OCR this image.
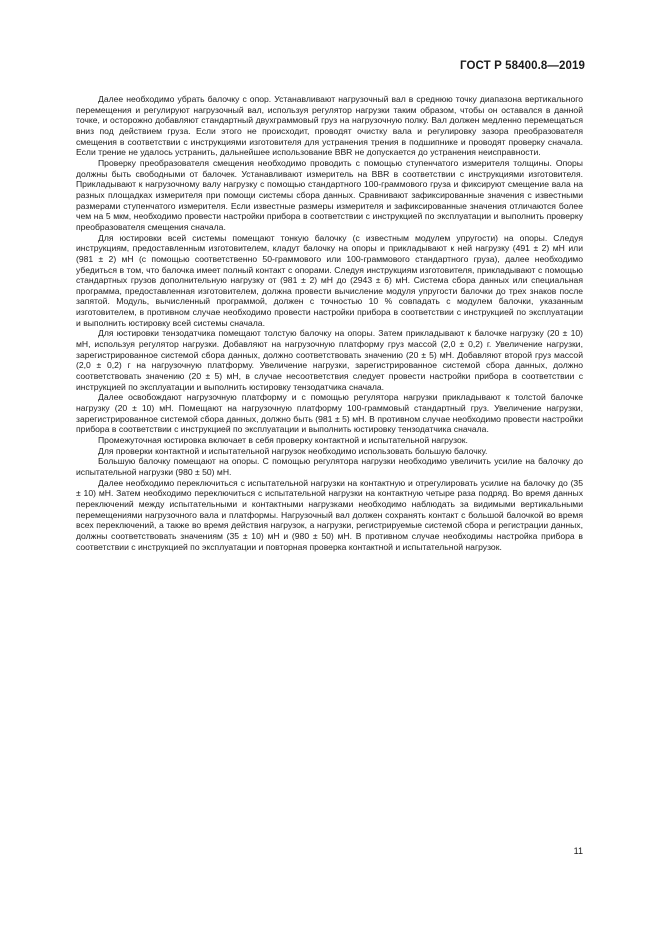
ГОСТ Р 58400.8—2019

Далее необходимо убрать балочку с опор. Устанавливают нагрузочный вал в среднюю точку диапазона вертикального перемещения и регулируют нагрузочный вал, используя регулятор нагрузки таким образом, чтобы он оставался в данной точке, и осторожно добавляют стандартный двухграммовый груз на нагрузочную полку. Вал должен медленно перемещаться вниз под действием груза. Если этого не происходит, проводят очистку вала и регулировку зазора преобразователя смещения в соответствии с инструкциями изготовителя для устранения трения в подшипнике и проводят проверку сначала. Если трение не удалось устранить, дальнейшее использование BBR не допускается до устранения неисправности.

Проверку преобразователя смещения необходимо проводить с помощью ступенчатого измерителя толщины. Опоры должны быть свободными от балочек. Устанавливают измеритель на BBR в соответствии с инструкциями изготовителя. Прикладывают к нагрузочному валу нагрузку с помощью стандартного 100-граммового груза и фиксируют смещение вала на разных площадках измерителя при помощи системы сбора данных. Сравнивают зафиксированные значения с известными размерами ступенчатого измерителя. Если известные размеры измерителя и зафиксированные значения отличаются более чем на 5 мкм, необходимо провести настройки прибора в соответствии с инструкцией по эксплуатации и выполнить проверку преобразователя смещения сначала.

Для юстировки всей системы помещают тонкую балочку (с известным модулем упругости) на опоры. Следуя инструкциям, предоставленным изготовителем, кладут балочку на опоры и прикладывают к ней нагрузку (491 ± 2) мН или (981 ± 2) мН (с помощью соответственно 50-граммового или 100-граммового стандартного груза), далее необходимо убедиться в том, что балочка имеет полный контакт с опорами. Следуя инструкциям изготовителя, прикладывают с помощью стандартных грузов дополнительную нагрузку от (981 ± 2) мН до (2943 ± 6) мН. Система сбора данных или специальная программа, предоставленная изготовителем, должна провести вычисление модуля упругости балочки до трех знаков после запятой. Модуль, вычисленный программой, должен с точностью 10 % совпадать с модулем балочки, указанным изготовителем, в противном случае необходимо провести настройки прибора в соответствии с инструкцией по эксплуатации и выполнить юстировку всей системы сначала.

Для юстировки тензодатчика помещают толстую балочку на опоры. Затем прикладывают к балочке нагрузку (20 ± 10) мН, используя регулятор нагрузки. Добавляют на нагрузочную платформу груз массой (2,0 ± 0,2) г. Увеличение нагрузки, зарегистрированное системой сбора данных, должно соответствовать значению (20 ± 5) мН. Добавляют второй груз массой (2,0 ± 0,2) г на нагрузочную платформу. Увеличение нагрузки, зарегистрированное системой сбора данных, должно соответствовать значению (20 ± 5) мН, в случае несоответствия следует провести настройки прибора в соответствии с инструкцией по эксплуатации и выполнить юстировку тензодатчика сначала.

Далее освобождают нагрузочную платформу и с помощью регулятора нагрузки прикладывают к толстой балочке нагрузку (20 ± 10) мН. Помещают на нагрузочную платформу 100-граммовый стандартный груз. Увеличение нагрузки, зарегистрированное системой сбора данных, должно быть (981 ± 5) мН. В противном случае необходимо провести настройки прибора в соответствии с инструкцией по эксплуатации и выполнить юстировку тензодатчика сначала.

Промежуточная юстировка включает в себя проверку контактной и испытательной нагрузок.

Для проверки контактной и испытательной нагрузок необходимо использовать большую балочку.

Большую балочку помещают на опоры. С помощью регулятора нагрузки необходимо увеличить усилие на балочку до испытательной нагрузки (980 ± 50) мН.

Далее необходимо переключиться с испытательной нагрузки на контактную и отрегулировать усилие на балочку до (35 ± 10) мН. Затем необходимо переключиться с испытательной нагрузки на контактную четыре раза подряд. Во время данных переключений между испытательными и контактными нагрузками необходимо наблюдать за видимыми вертикальными перемещениями нагрузочного вала и платформы. Нагрузочный вал должен сохранять контакт с большой балочкой во время всех переключений, а также во время действия нагрузок, а нагрузки, регистрируемые системой сбора и регистрации данных, должны соответствовать значениям (35 ± 10) мН и (980 ± 50) мН. В противном случае необходимы настройка прибора в соответствии с инструкцией по эксплуатации и повторная проверка контактной и испытательной нагрузок.

11
